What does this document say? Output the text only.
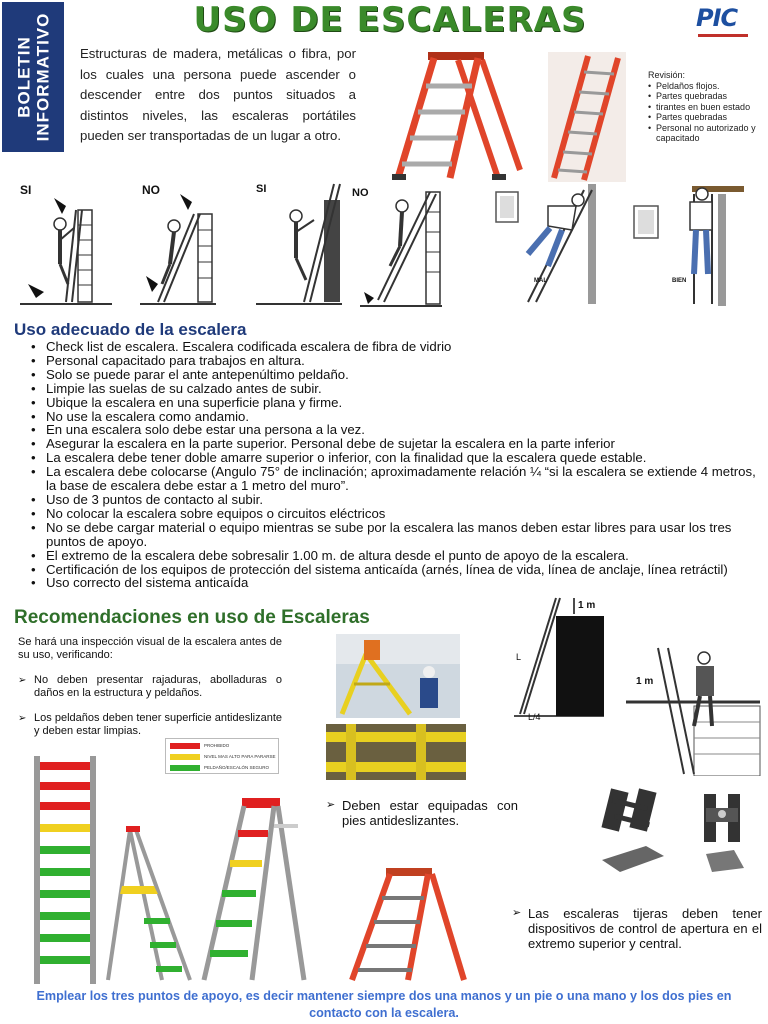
BOLETIN INFORMATIVO	USO DE ESCALERAS	PIC
Estructuras de madera, metálicas o fibra, por los cuales una persona puede ascender o descender entre dos puntos situados a distintos niveles, las escaleras portátiles pueden ser transportadas de un lugar a otro.
Revisión:
• Peldaños flojos.
• Partes quebradas
• tirantes en buen estado
• Partes quebradas
• Personal no autorizado y capacitado
SI	NO	SI	NO
MAL	BIEN
Uso adecuado de la escalera
• Check list de escalera. Escalera codificada escalera de fibra de vidrio
• Personal capacitado para trabajos en altura.
• Solo se puede parar el ante antepenúltimo peldaño.
• Limpie las suelas de su calzado antes de subir.
• Ubique la escalera en una superficie plana y firme.
• No use la escalera como andamio.
• En una escalera solo debe estar una persona a la vez.
• Asegurar la escalera en la parte superior. Personal debe de sujetar la escalera en la parte inferior
• La escalera debe tener doble amarre superior o inferior, con la finalidad que la escalera quede estable.
• La escalera debe colocarse (Angulo 75° de inclinación; aproximadamente relación ¼ “si la escalera se extiende 4 metros, la base de escalera debe estar a 1 metro del muro”.
• Uso de 3 puntos de contacto al subir.
• No colocar la escalera sobre equipos o circuitos eléctricos
• No se debe cargar material o equipo mientras se sube por la escalera las manos deben estar libres para usar los tres puntos de apoyo.
• El extremo de la escalera debe sobresalir 1.00 m. de altura desde el punto de apoyo de la escalera.
• Certificación de los equipos de protección del sistema anticaída (arnés, línea de vida, línea de anclaje, línea retráctil)
• Uso correcto del sistema anticaída
Recomendaciones en uso de Escaleras
Se hará una inspección visual de la escalera antes de su uso, verificando:
➢ No deben presentar rajaduras, abolladuras o daños en la estructura y peldaños.
➢ Los peldaños deben tener superficie antideslizante y deben estar limpias.
PROHIBIDO
NIVEL MAS ALTO PARA PARARSE
PELDAÑO/ESCALÓN SEGURO
1 m
L
L/4
1 m
➢ Deben estar equipadas con pies antideslizantes.
➢ Las escaleras tijeras deben tener dispositivos de control de apertura en el extremo superior y central.
Emplear los tres puntos de apoyo, es decir mantener siempre dos una manos y un pie o una mano y los dos pies en contacto con la escalera.
